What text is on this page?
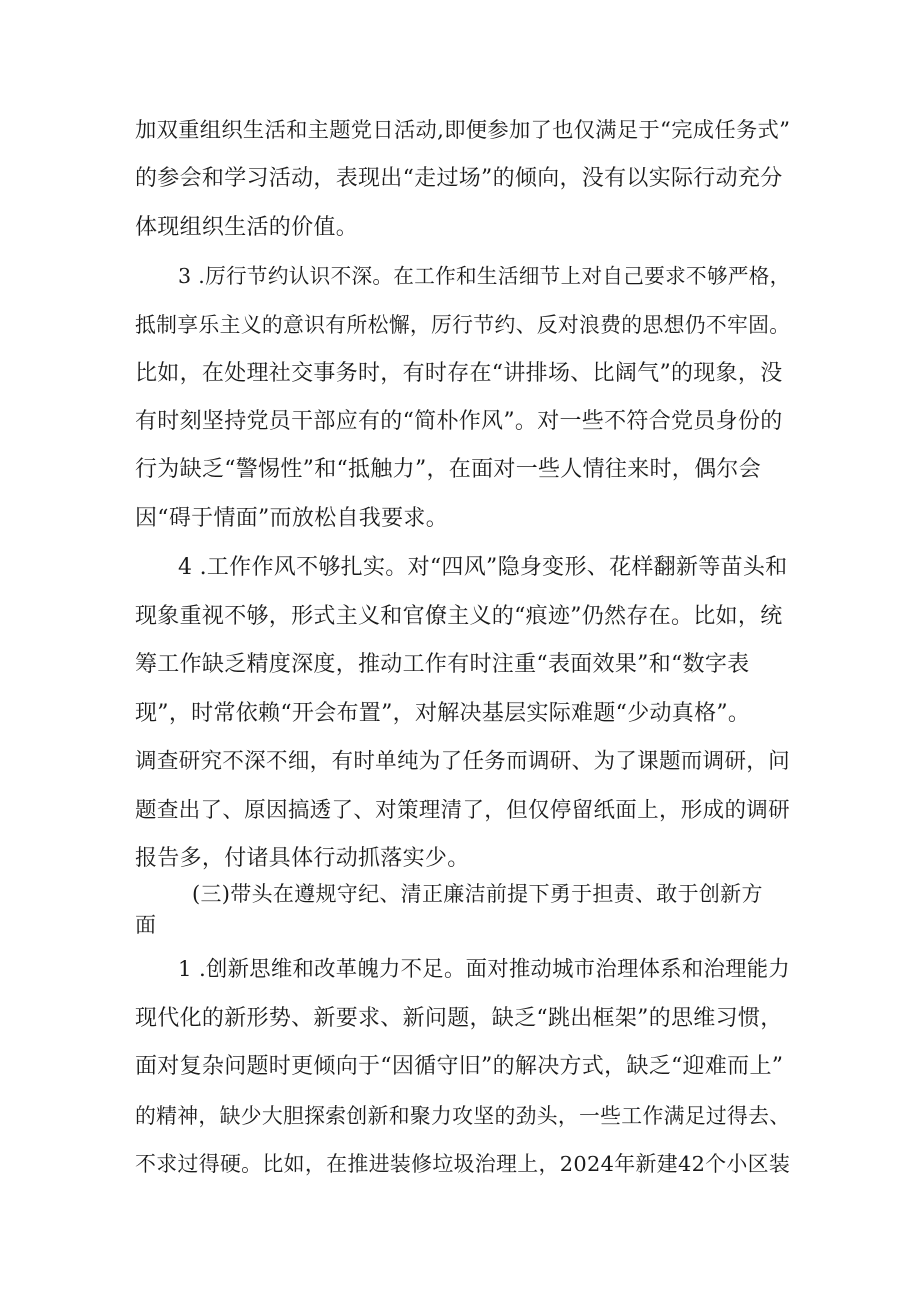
加双重组织生活和主题党日活动,即便参加了也仅满足于“完成任务式”
的参会和学习活动，表现出“走过场”的倾向，没有以实际行动充分
体现组织生活的价值。
3 .厉行节约认识不深。在工作和生活细节上对自己要求不够严格，
抵制享乐主义的意识有所松懈，厉行节约、反对浪费的思想仍不牢固。
比如，在处理社交事务时，有时存在“讲排场、比阔气”的现象，没
有时刻坚持党员干部应有的“简朴作风”。对一些不符合党员身份的
行为缺乏“警惕性”和“抵触力”，在面对一些人情往来时，偶尔会
因“碍于情面”而放松自我要求。
4 .工作作风不够扎实。对“四风”隐身变形、花样翻新等苗头和
现象重视不够，形式主义和官僚主义的“痕迹”仍然存在。比如，统
筹工作缺乏精度深度，推动工作有时注重“表面效果”和“数字表
现”，时常依赖“开会布置”，对解决基层实际难题“少动真格”。
调查研究不深不细，有时单纯为了任务而调研、为了课题而调研，问
题查出了、原因搞透了、对策理清了，但仅停留纸面上，形成的调研
报告多，付诸具体行动抓落实少。
(三)带头在遵规守纪、清正廉洁前提下勇于担责、敢于创新方
面
1 .创新思维和改革魄力不足。面对推动城市治理体系和治理能力
现代化的新形势、新要求、新问题，缺乏“跳出框架”的思维习惯，
面对复杂问题时更倾向于“因循守旧”的解决方式，缺乏“迎难而上”
的精神，缺少大胆探索创新和聚力攻坚的劲头，一些工作满足过得去、
不求过得硬。比如，在推进装修垃圾治理上，2024年新建42个小区装
